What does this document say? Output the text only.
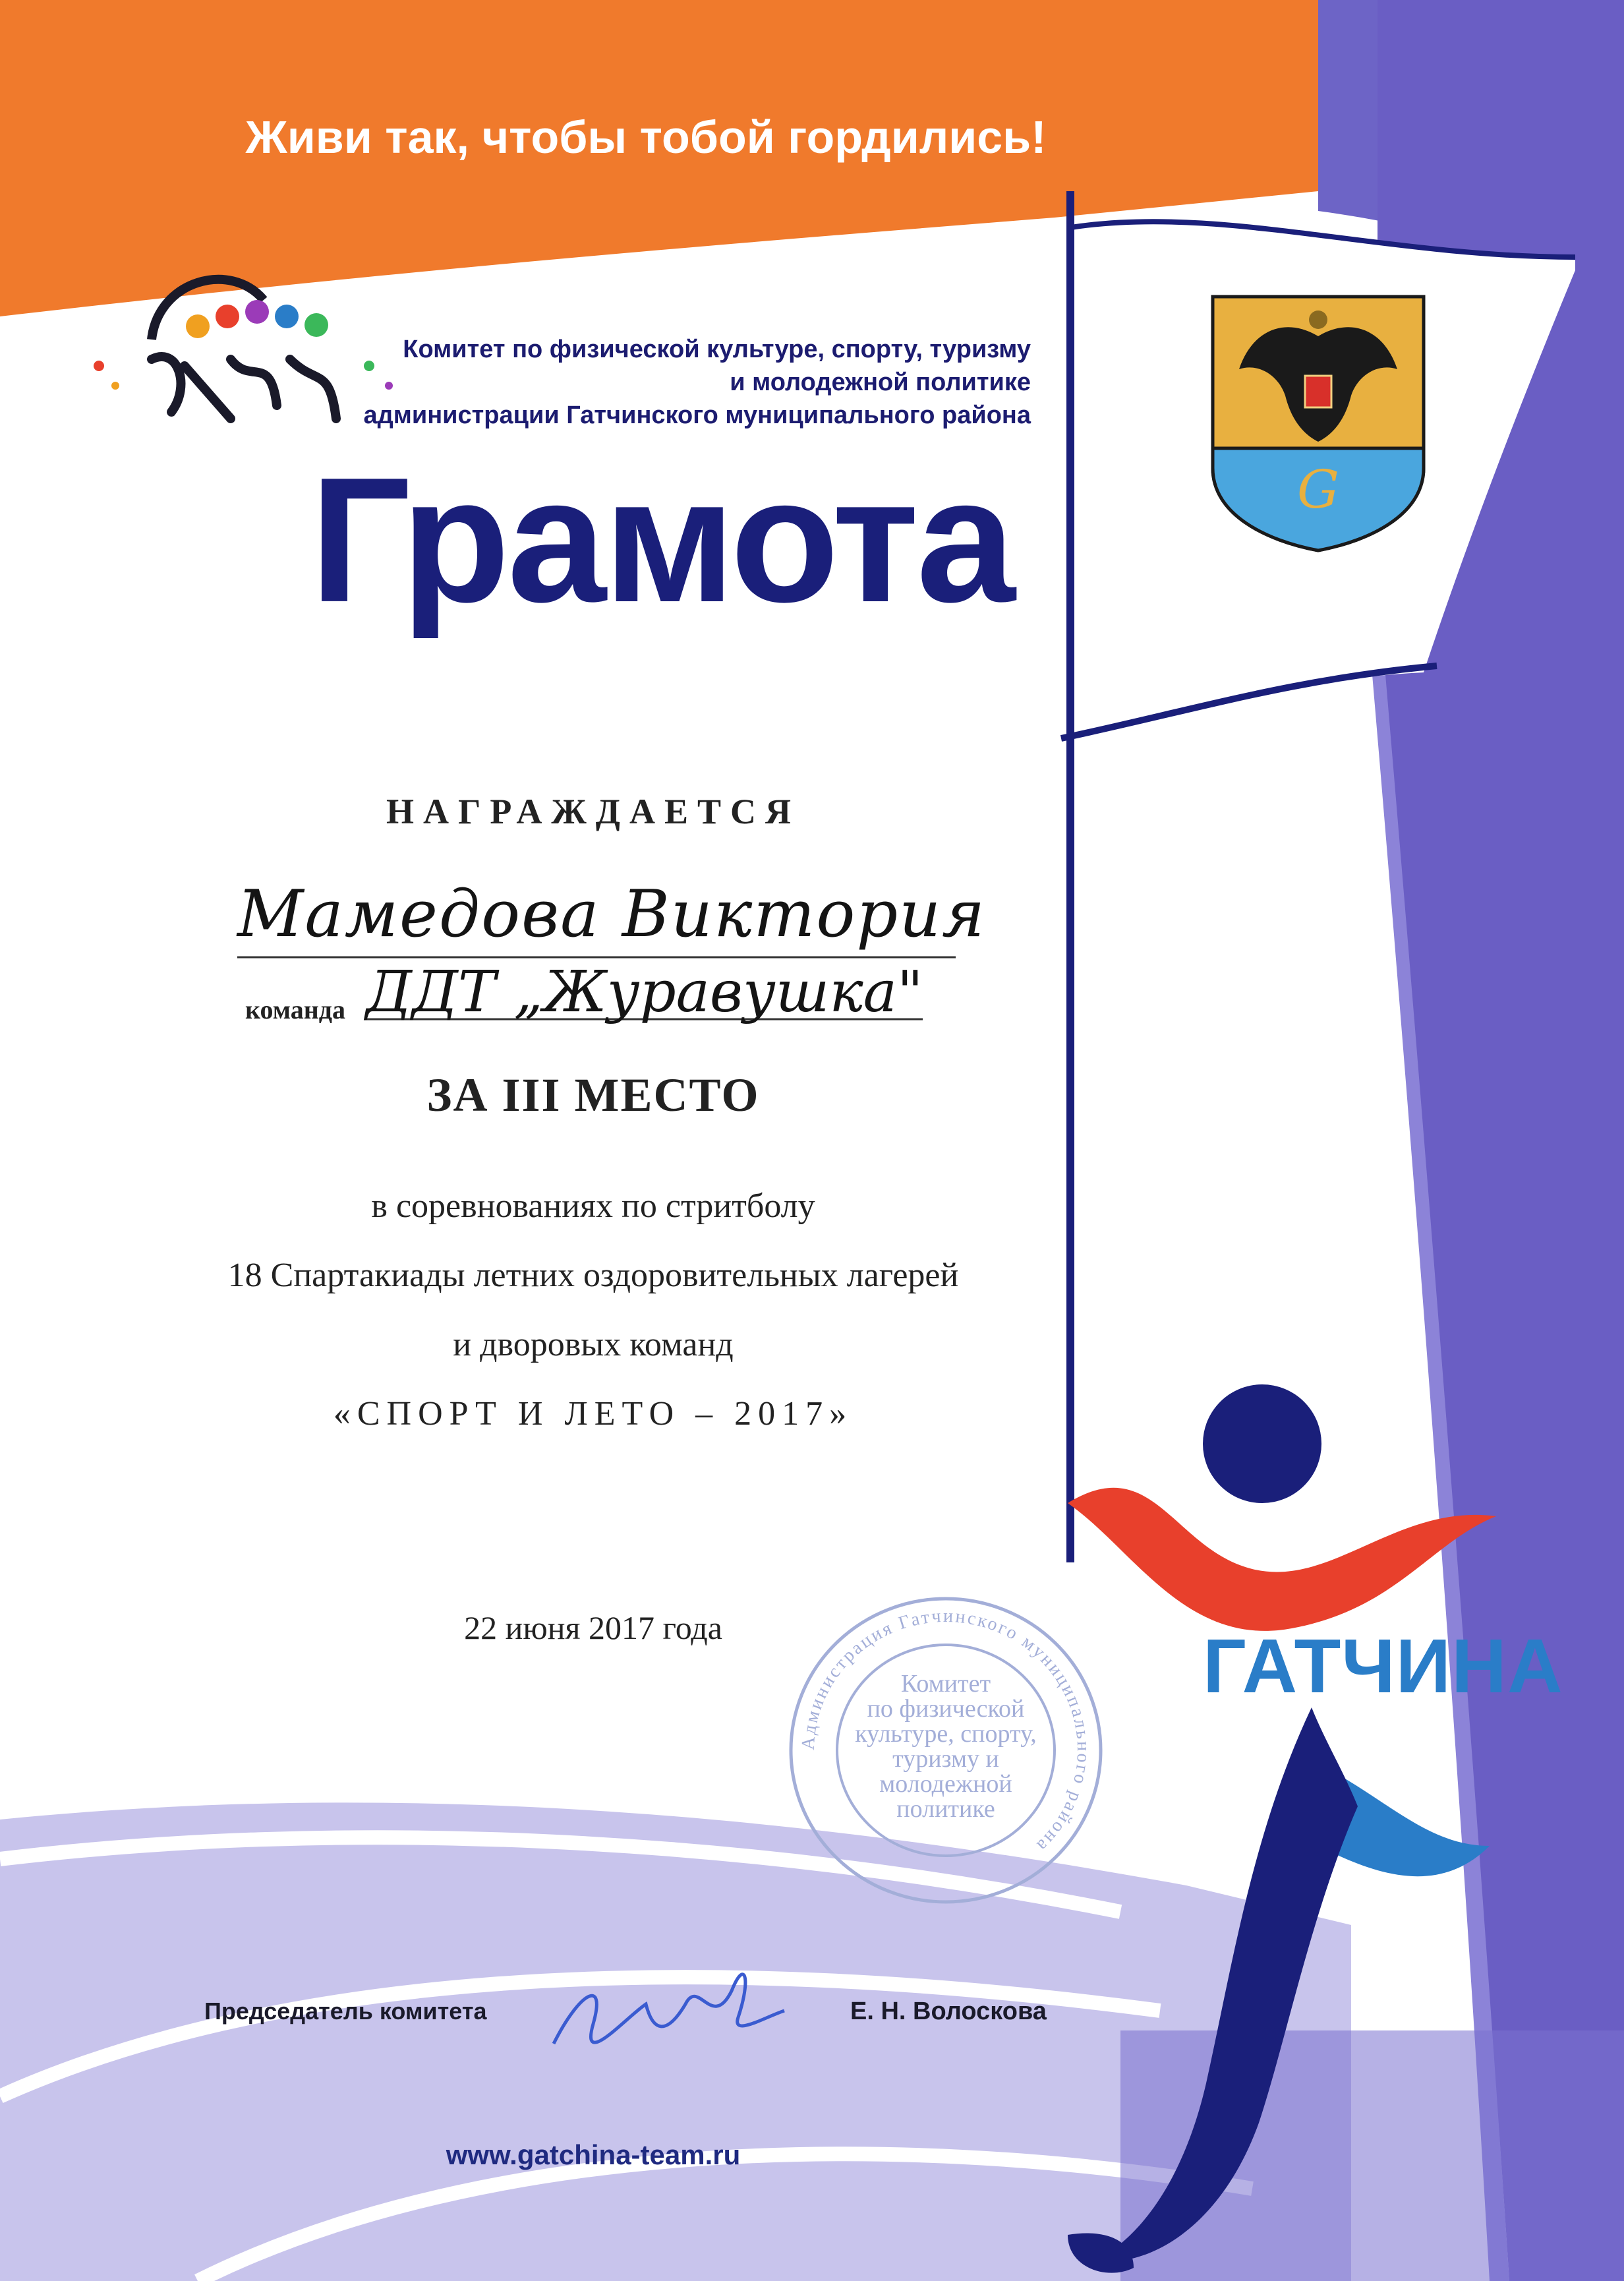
G
Живи так, чтобы тобой гордились!
Комитет по физической культуре, спорту, туризму
и молодежной политике
администрации Гатчинского муниципального района
Грамота
НАГРАЖДАЕТСЯ
Мамедова Виктория
команда ДДТ „Журавушка"
ЗА III МЕСТО
в соревнованиях по стритболу
18 Спартакиады летних оздоровительных лагерей
и дворовых команд
«СПОРТ И ЛЕТО – 2017»
22 июня 2017 года	ГАТЧИНА
Администрация Гатчинского муниципального района
Комитет
по физической
культуре, спорту,
туризму и
молодежной
политике
Председатель комитета	Е. Н. Волоскова
www.gatchina-team.ru
